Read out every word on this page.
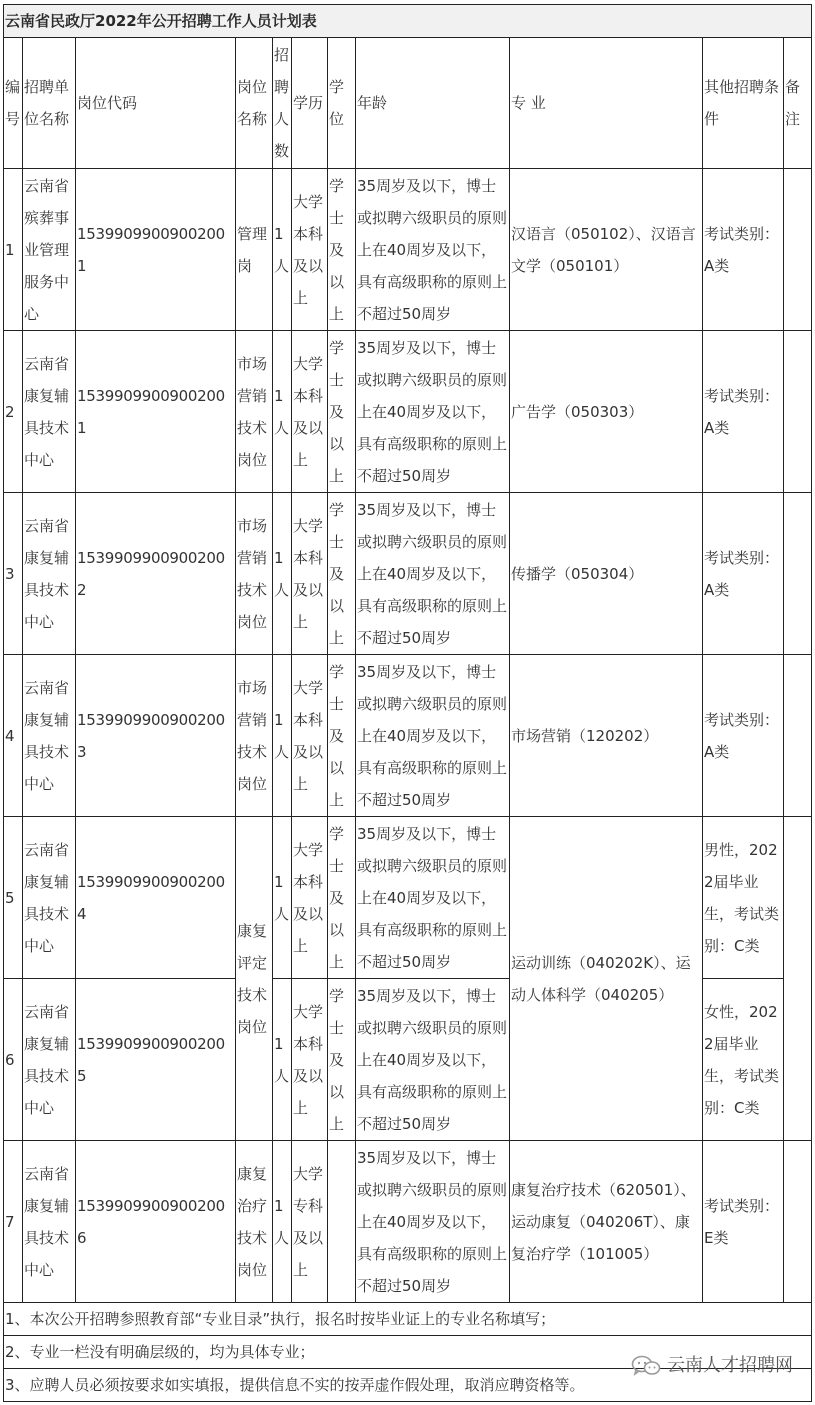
云南省民政厅2022年公开招聘工作人员计划表										
编号	招聘单位名称	岗位代码	岗位名称	招聘人数	学历	学位	年龄	专 业	其他招聘条件	备注
1	云南省殡葬事业管理服务中心	15399099009002001	管理岗	1人	大学本科及以上	学士及以上	35周岁及以下，博士或拟聘六级职员的原则上在40周岁及以下，具有高级职称的原则上不超过50周岁	汉语言（050102）、汉语言文学（050101）	考试类别：A类	
2	云南省康复辅具技术中心	15399099009002001	市场营销技术岗位	1人	大学本科及以上	学士及以上	35周岁及以下，博士或拟聘六级职员的原则上在40周岁及以下，具有高级职称的原则上不超过50周岁	广告学（050303）	考试类别：A类	
3	云南省康复辅具技术中心	15399099009002002	市场营销技术岗位	1人	大学本科及以上	学士及以上	35周岁及以下，博士或拟聘六级职员的原则上在40周岁及以下，具有高级职称的原则上不超过50周岁	传播学（050304）	考试类别：A类	
4	云南省康复辅具技术中心	15399099009002003	市场营销技术岗位	1人	大学本科及以上	学士及以上	35周岁及以下，博士或拟聘六级职员的原则上在40周岁及以下，具有高级职称的原则上不超过50周岁	市场营销（120202）	考试类别：A类	
5	云南省康复辅具技术中心	15399099009002004	康复评定技术岗位	1人	大学本科及以上	学士及以上	35周岁及以下，博士或拟聘六级职员的原则上在40周岁及以下，具有高级职称的原则上不超过50周岁	运动训练（040202K）、运动人体科学（040205）	男性，2022届毕业生，考试类别：C类	
6	云南省康复辅具技术中心	15399099009002005		1人	大学本科及以上	学士及以上	35周岁及以下，博士或拟聘六级职员的原则上在40周岁及以下，具有高级职称的原则上不超过50周岁		女性，2022届毕业生，考试类别：C类	
7	云南省康复辅具技术中心	15399099009002006	康复治疗技术岗位	1人	大学专科及以上		35周岁及以下，博士或拟聘六级职员的原则上在40周岁及以下，具有高级职称的原则上不超过50周岁	康复治疗技术（620501）、运动康复（040206T）、康复治疗学（101005）	考试类别：E类	
1、本次公开招聘参照教育部“专业目录”执行，报名时按毕业证上的专业名称填写；										
2、专业一栏没有明确层级的，均为具体专业；										
3、应聘人员必须按要求如实填报，提供信息不实的按弄虚作假处理，取消应聘资格等。										
云南人才招聘网
